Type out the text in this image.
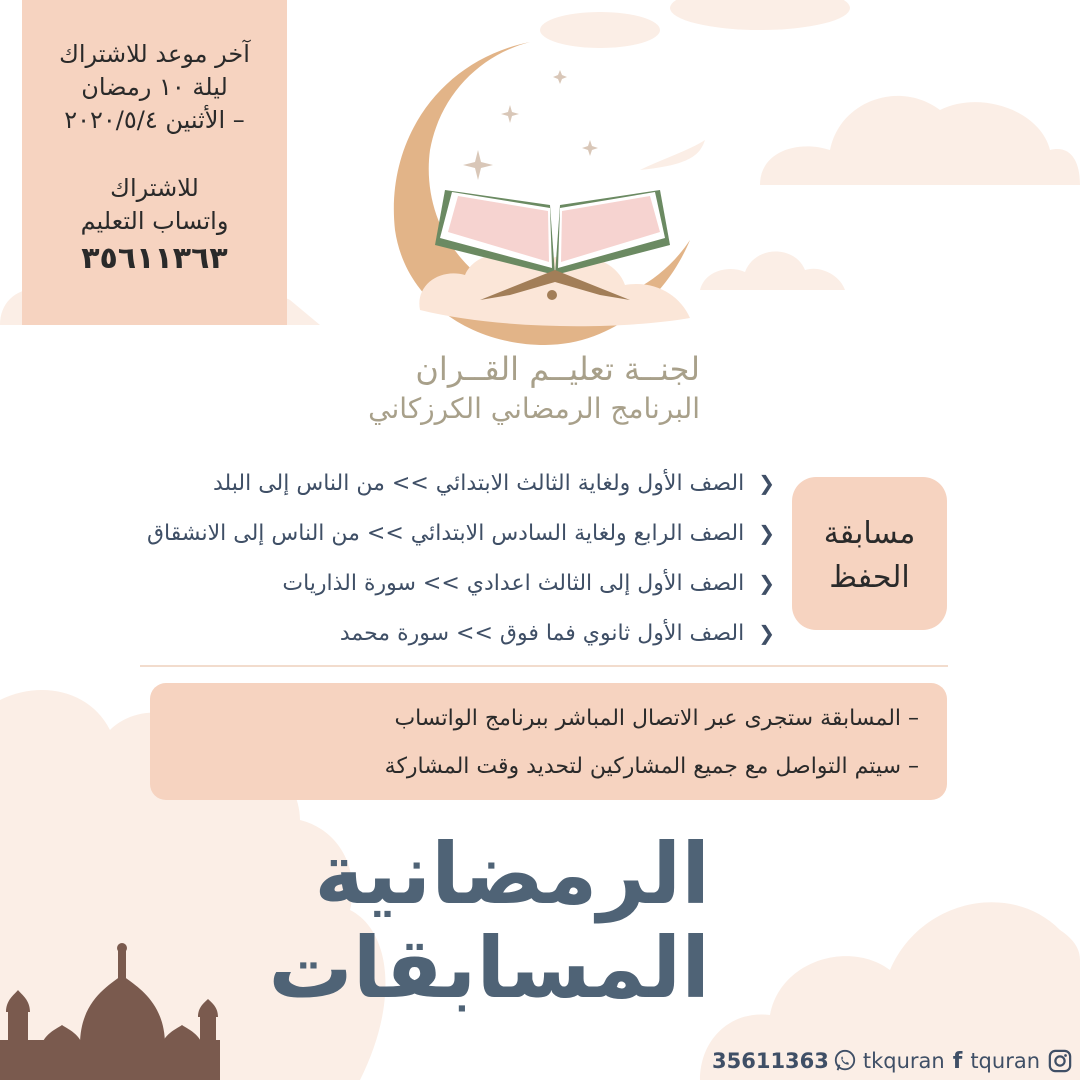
آخر موعد للاشتراك
ليلة ١٠ رمضان
– الأثنين ٢٠٢٠/٥/٤
للاشتراك
واتساب التعليم
٣٥٦١١٣٦٣
لجنــة تعليــم القــران
البرنامج الرمضاني الكرزكاني
❮الصف الأول ولغاية الثالث الابتدائي >> من الناس إلى البلد
❮الصف الرابع ولغاية السادس الابتدائي >> من الناس إلى الانشقاق
❮الصف الأول إلى الثالث اعدادي >> سورة الذاريات
❮الصف الأول ثانوي فما فوق >> سورة محمد
مسابقة
الحفظ
– المسابقة ستجرى عبر الاتصال المباشر ببرنامج الواتساب
– سيتم التواصل مع جميع المشاركين لتحديد وقت المشاركة
الرمضانية
المسابقات
35611363 tkquran f tquran
